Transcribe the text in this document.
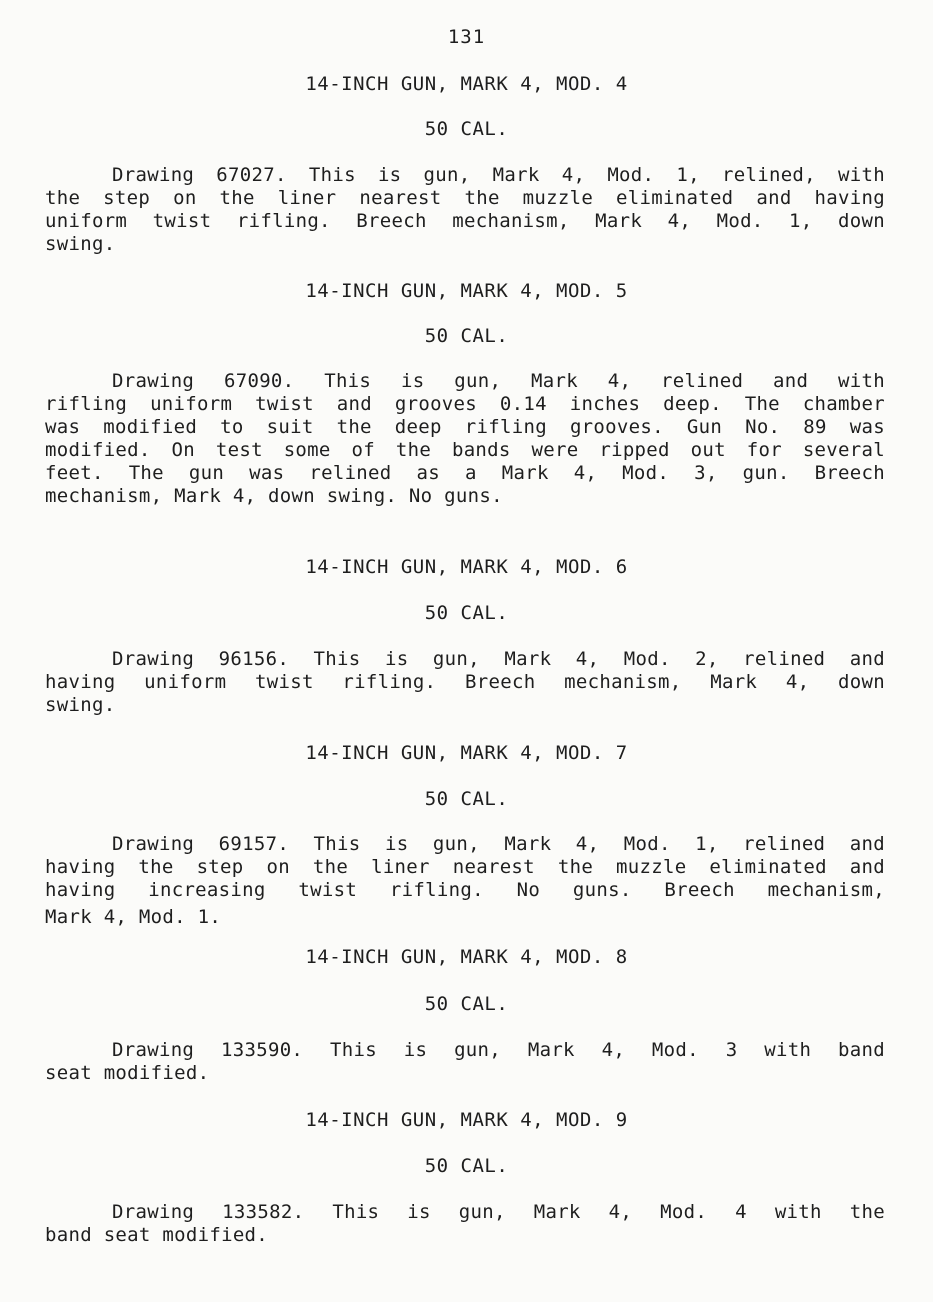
131
14-INCH GUN, MARK 4, MOD. 4
50 CAL.
Drawing 67027. This is gun, Mark 4, Mod. 1, relined, with
the step on the liner nearest the muzzle eliminated and having
uniform twist rifling. Breech mechanism, Mark 4, Mod. 1, down
swing.
14-INCH GUN, MARK 4, MOD. 5
50 CAL.
Drawing 67090. This is gun, Mark 4, relined and with
rifling uniform twist and grooves 0.14 inches deep. The chamber
was modified to suit the deep rifling grooves. Gun No. 89 was
modified. On test some of the bands were ripped out for several
feet. The gun was relined as a Mark 4, Mod. 3, gun. Breech
mechanism, Mark 4, down swing. No guns.
14-INCH GUN, MARK 4, MOD. 6
50 CAL.
Drawing 96156. This is gun, Mark 4, Mod. 2, relined and
having uniform twist rifling. Breech mechanism, Mark 4, down
swing.
14-INCH GUN, MARK 4, MOD. 7
50 CAL.
Drawing 69157. This is gun, Mark 4, Mod. 1, relined and
having the step on the liner nearest the muzzle eliminated and
having increasing twist rifling. No guns. Breech mechanism,
Mark 4, Mod. 1.
14-INCH GUN, MARK 4, MOD. 8
50 CAL.
Drawing 133590. This is gun, Mark 4, Mod. 3 with band
seat modified.
14-INCH GUN, MARK 4, MOD. 9
50 CAL.
Drawing 133582. This is gun, Mark 4, Mod. 4 with the
band seat modified.
